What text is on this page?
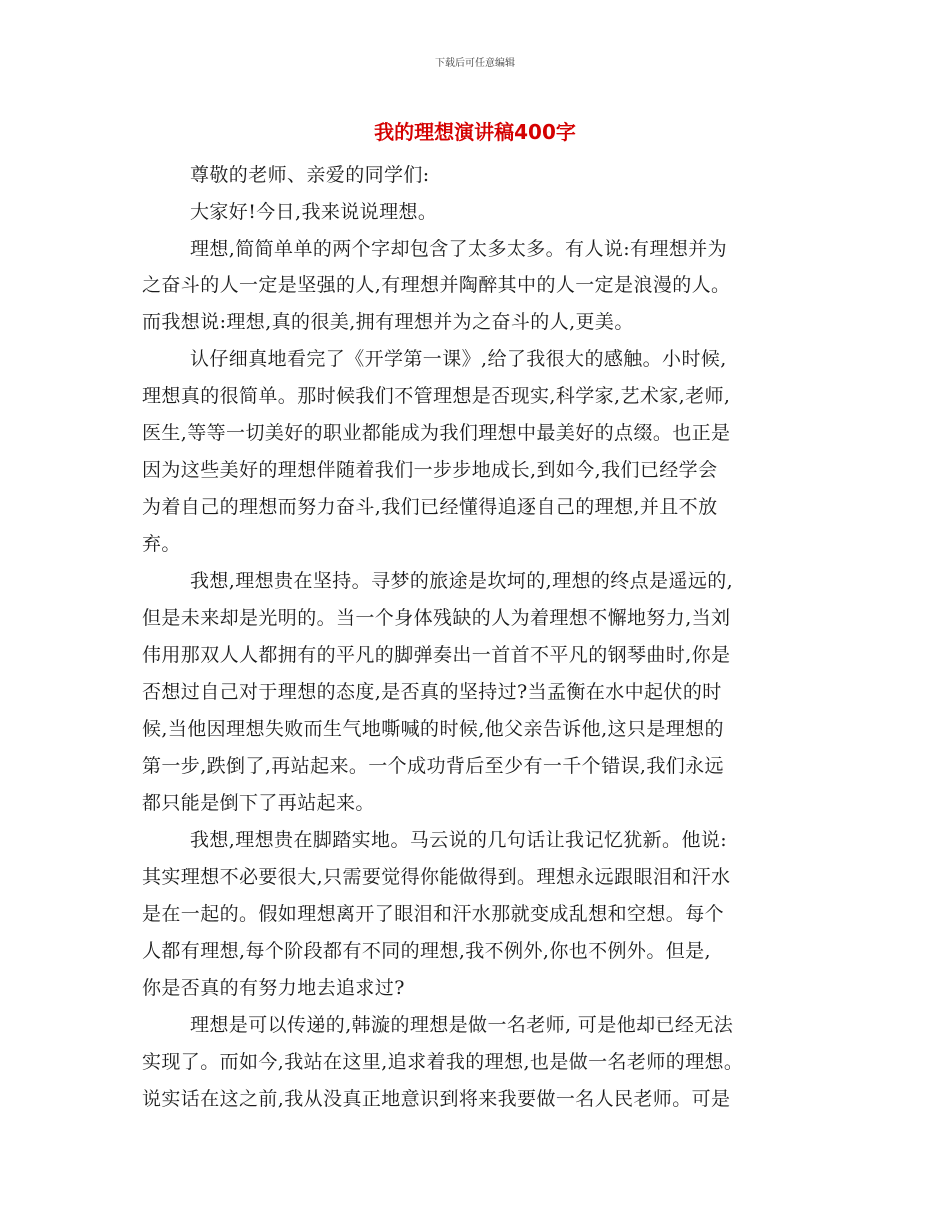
下载后可任意编辑
我的理想演讲稿400字
尊敬的老师、亲爱的同学们:
大家好!今日,我来说说理想。
理想,简简单单的两个字却包含了太多太多。有人说:有理想并为
之奋斗的人一定是坚强的人,有理想并陶醉其中的人一定是浪漫的人。
而我想说:理想,真的很美,拥有理想并为之奋斗的人,更美。
认仔细真地看完了《开学第一课》,给了我很大的感触。小时候,
理想真的很简单。那时候我们不管理想是否现实,科学家,艺术家,老师,
医生,等等一切美好的职业都能成为我们理想中最美好的点缀。也正是
因为这些美好的理想伴随着我们一步步地成长,到如今,我们已经学会
为着自己的理想而努力奋斗,我们已经懂得追逐自己的理想,并且不放
弃。
我想,理想贵在坚持。寻梦的旅途是坎坷的,理想的终点是遥远的,
但是未来却是光明的。当一个身体残缺的人为着理想不懈地努力,当刘
伟用那双人人都拥有的平凡的脚弹奏出一首首不平凡的钢琴曲时,你是
否想过自己对于理想的态度,是否真的坚持过?当孟衡在水中起伏的时
候,当他因理想失败而生气地嘶喊的时候,他父亲告诉他,这只是理想的
第一步,跌倒了,再站起来。一个成功背后至少有一千个错误,我们永远
都只能是倒下了再站起来。
我想,理想贵在脚踏实地。马云说的几句话让我记忆犹新。他说:
其实理想不必要很大,只需要觉得你能做得到。理想永远跟眼泪和汗水
是在一起的。假如理想离开了眼泪和汗水那就变成乱想和空想。每个
人都有理想,每个阶段都有不同的理想,我不例外,你也不例外。但是,
你是否真的有努力地去追求过?
理想是可以传递的,韩漩的理想是做一名老师, 可是他却已经无法
实现了。而如今,我站在这里,追求着我的理想,也是做一名老师的理想。
说实话在这之前,我从没真正地意识到将来我要做一名人民老师。可是
